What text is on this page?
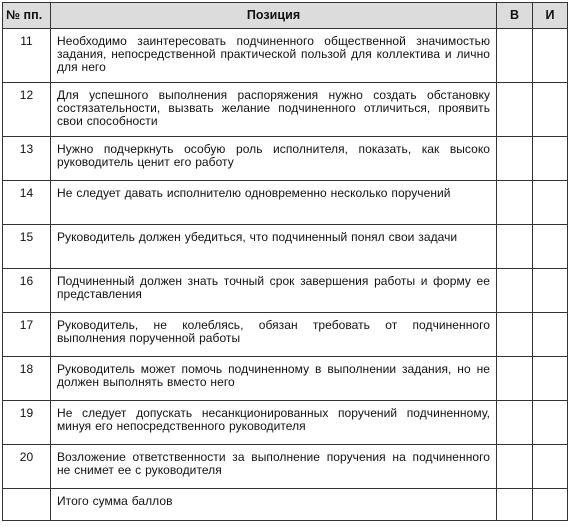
№ пп.	Позиция	В	И
11	Необходимо заинтересовать подчиненного общественной значимостью задания, непосредственной практической пользой для коллектива и лично для него		
12	Для успешного выполнения распоряжения нужно создать обстановку состязательности, вызвать желание подчиненного отличиться, проявить свои способности		
13	Нужно подчеркнуть особую роль исполнителя, показать, как высоко руководитель ценит его работу		
14	Не следует давать исполнителю одновременно несколько поручений		
15	Руководитель должен убедиться, что подчиненный понял свои задачи		
16	Подчиненный должен знать точный срок завершения работы и форму ее представления		
17	Руководитель, не колеблясь, обязан требовать от подчиненного выполнения порученной работы		
18	Руководитель может помочь подчиненному в выполнении задания, но не должен выполнять вместо него		
19	Не следует допускать несанкционированных поручений подчиненному, минуя его непосредственного руководителя		
20	Возложение ответственности за выполнение поручения на подчиненного не снимет ее с руководителя		
	Итого сумма баллов		
